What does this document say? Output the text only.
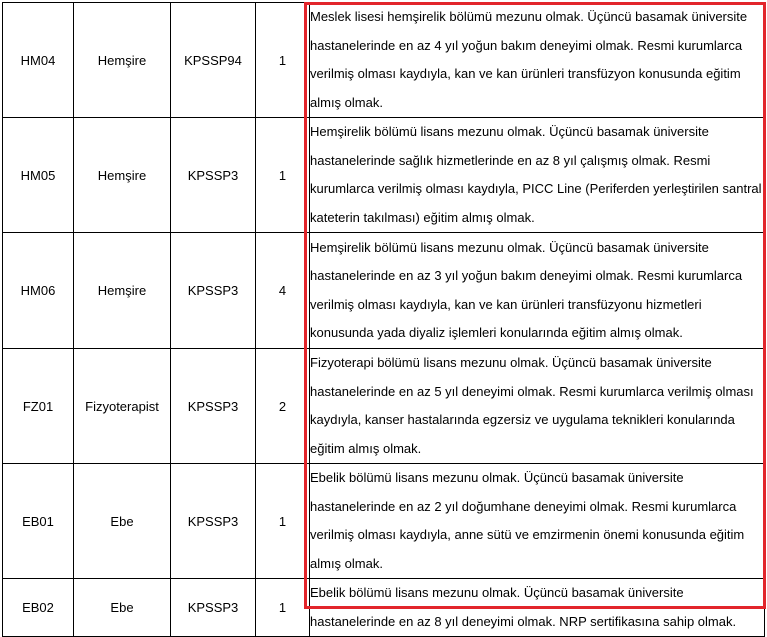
HM04	Hemşire	KPSSP94	1	Meslek lisesi hemşirelik bölümü mezunu olmak. Üçüncü basamak üniversite hastanelerinde en az 4 yıl yoğun bakım deneyimi olmak. Resmi kurumlarca verilmiş olması kaydıyla, kan ve kan ürünleri transfüzyon konusunda eğitim almış olmak.
HM05	Hemşire	KPSSP3	1	Hemşirelik bölümü lisans mezunu olmak. Üçüncü basamak üniversite hastanelerinde sağlık hizmetlerinde en az 8 yıl çalışmış olmak. Resmi kurumlarca verilmiş olması kaydıyla, PICC Line (Periferden yerleştirilen santral kateterin takılması) eğitim almış olmak.
HM06	Hemşire	KPSSP3	4	Hemşirelik bölümü lisans mezunu olmak. Üçüncü basamak üniversite hastanelerinde en az 3 yıl yoğun bakım deneyimi olmak. Resmi kurumlarca verilmiş olması kaydıyla, kan ve kan ürünleri transfüzyonu hizmetleri konusunda yada diyaliz işlemleri konularında eğitim almış olmak.
FZ01	Fizyoterapist	KPSSP3	2	Fizyoterapi bölümü lisans mezunu olmak. Üçüncü basamak üniversite hastanelerinde en az 5 yıl deneyimi olmak. Resmi kurumlarca verilmiş olması kaydıyla, kanser hastalarında egzersiz ve uygulama teknikleri konularında eğitim almış olmak.
EB01	Ebe	KPSSP3	1	Ebelik bölümü lisans mezunu olmak. Üçüncü basamak üniversite hastanelerinde en az 2 yıl doğumhane deneyimi olmak. Resmi kurumlarca verilmiş olması kaydıyla, anne sütü ve emzirmenin önemi konusunda eğitim almış olmak.
EB02	Ebe	KPSSP3	1	Ebelik bölümü lisans mezunu olmak. Üçüncü basamak üniversite hastanelerinde en az 8 yıl deneyimi olmak. NRP sertifikasına sahip olmak.
